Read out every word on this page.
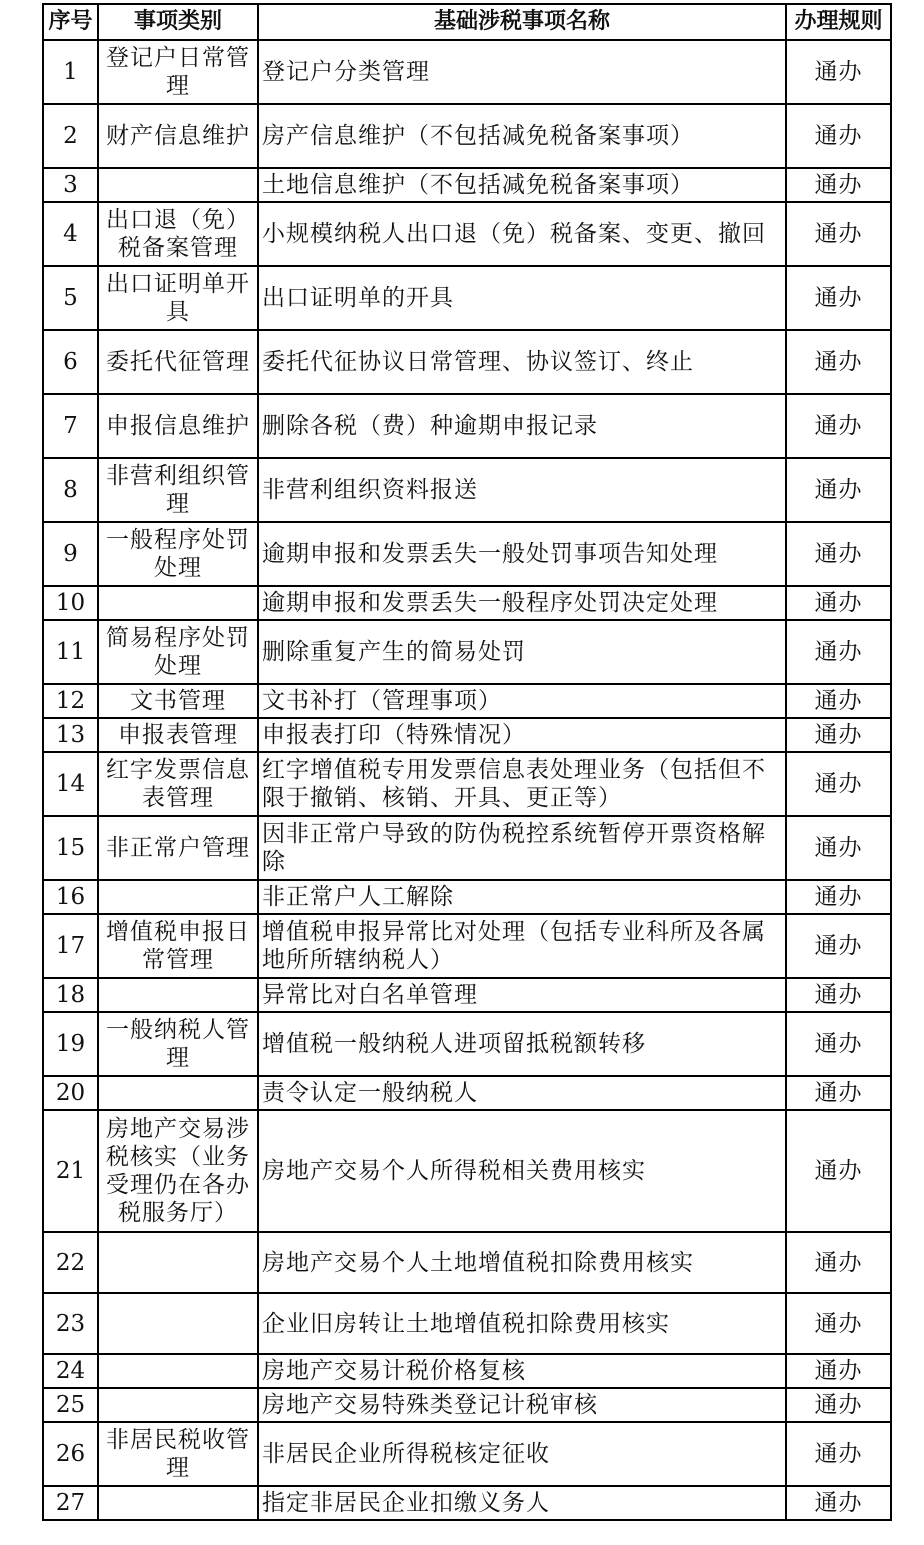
序号	事项类别	基础涉税事项名称	办理规则
1	登记户日常管理	登记户分类管理	通办
2	财产信息维护	房产信息维护（不包括减免税备案事项）	通办
3		土地信息维护（不包括减免税备案事项）	通办
4	出口退（免）税备案管理	小规模纳税人出口退（免）税备案、变更、撤回	通办
5	出口证明单开具	出口证明单的开具	通办
6	委托代征管理	委托代征协议日常管理、协议签订、终止	通办
7	申报信息维护	删除各税（费）种逾期申报记录	通办
8	非营利组织管理	非营利组织资料报送	通办
9	一般程序处罚处理	逾期申报和发票丢失一般处罚事项告知处理	通办
10		逾期申报和发票丢失一般程序处罚决定处理	通办
11	简易程序处罚处理	删除重复产生的简易处罚	通办
12	文书管理	文书补打（管理事项）	通办
13	申报表管理	申报表打印（特殊情况）	通办
14	红字发票信息表管理	红字增值税专用发票信息表处理业务（包括但不限于撤销、核销、开具、更正等）	通办
15	非正常户管理	因非正常户导致的防伪税控系统暂停开票资格解除	通办
16		非正常户人工解除	通办
17	增值税申报日常管理	增值税申报异常比对处理（包括专业科所及各属地所所辖纳税人）	通办
18		异常比对白名单管理	通办
19	一般纳税人管理	增值税一般纳税人进项留抵税额转移	通办
20		责令认定一般纳税人	通办
21	房地产交易涉税核实（业务受理仍在各办税服务厅）	房地产交易个人所得税相关费用核实	通办
22		房地产交易个人土地增值税扣除费用核实	通办
23		企业旧房转让土地增值税扣除费用核实	通办
24		房地产交易计税价格复核	通办
25		房地产交易特殊类登记计税审核	通办
26	非居民税收管理	非居民企业所得税核定征收	通办
27		指定非居民企业扣缴义务人	通办
